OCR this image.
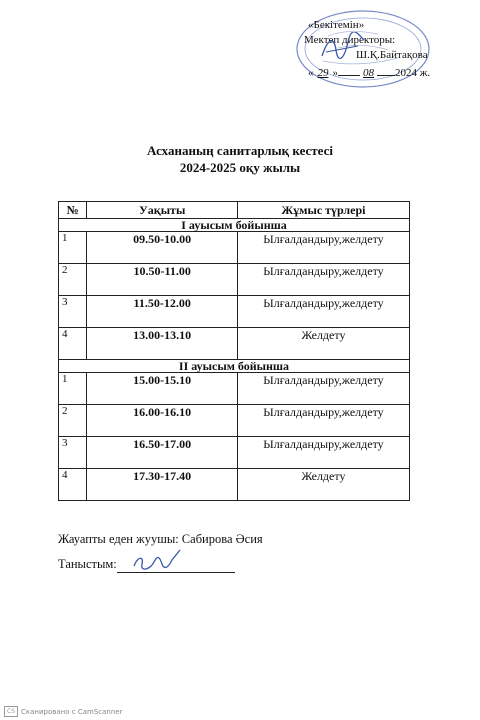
«Бекітемін»
Мектеп директоры:
Ш.Қ.Байтақова
« 29 » 08 2024 ж.
Асхананың санитарлық кестесі
2024-2025 оқу жылы
№	Уақыты	Жұмыс түрлері
I ауысым бойынша		
1	09.50-10.00	Ылғалдандыру,желдету
2	10.50-11.00	Ылғалдандыру,желдету
3	11.50-12.00	Ылғалдандыру,желдету
4	13.00-13.10	Желдету
II ауысым бойынша		
1	15.00-15.10	Ылғалдандыру,желдету
2	16.00-16.10	Ылғалдандыру,желдету
3	16.50-17.00	Ылғалдандыру,желдету
4	17.30-17.40	Желдету
Жауапты еден жуушы: Сабирова Әсия
Таныстым:
CS Сканировано с CamScanner
